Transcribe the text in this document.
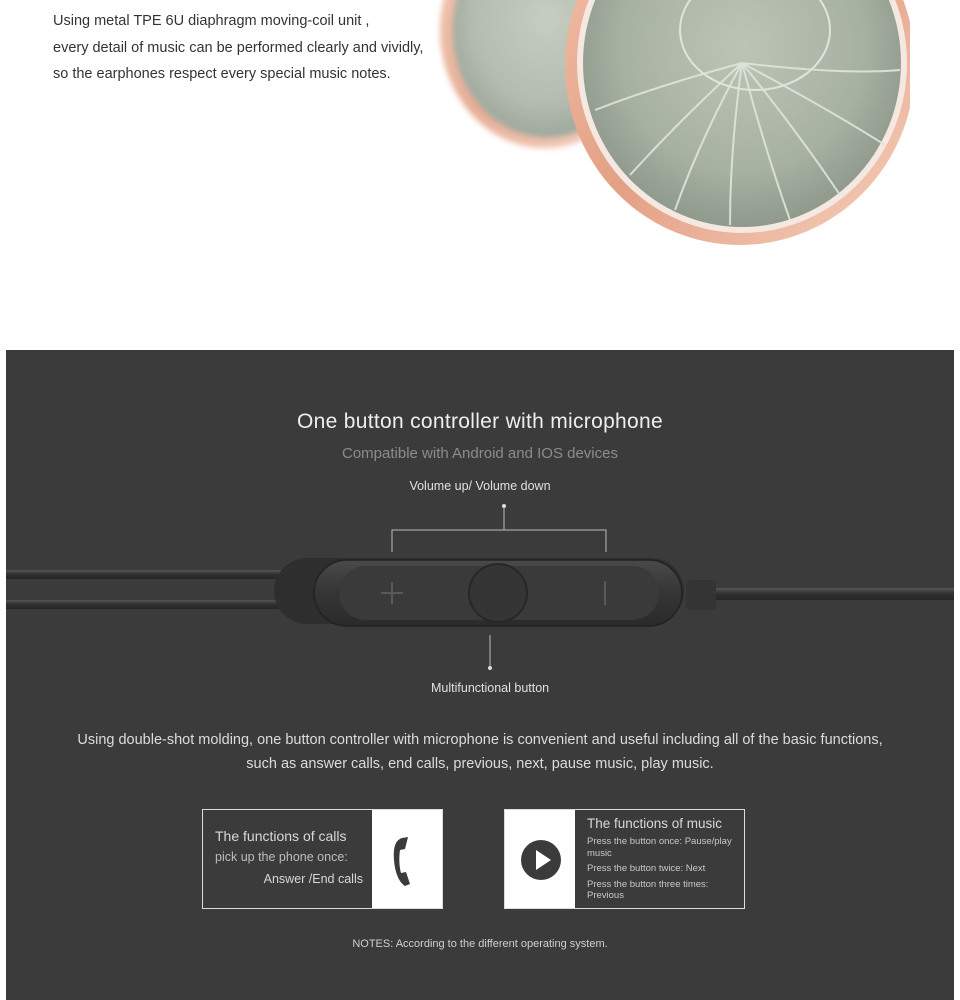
Using metal TPE 6U diaphragm moving-coil unit ,

every detail of music can be performed clearly and vividly,

so the earphones respect every special music notes.

One button controller with microphone
Compatible with Android and IOS devices
Volume up/ Volume down
Multifunctional button

Using double-shot molding, one button controller with microphone is convenient and useful including all of the basic functions,

such as answer calls, end calls, previous, next, pause music, play music.

The functions of calls
pick up the phone once:
Answer /End calls
The functions of music
Press the button once: Pause/play music
Press the button twice: Next
Press the button three times: Previous
NOTES: According to the different operating system.
